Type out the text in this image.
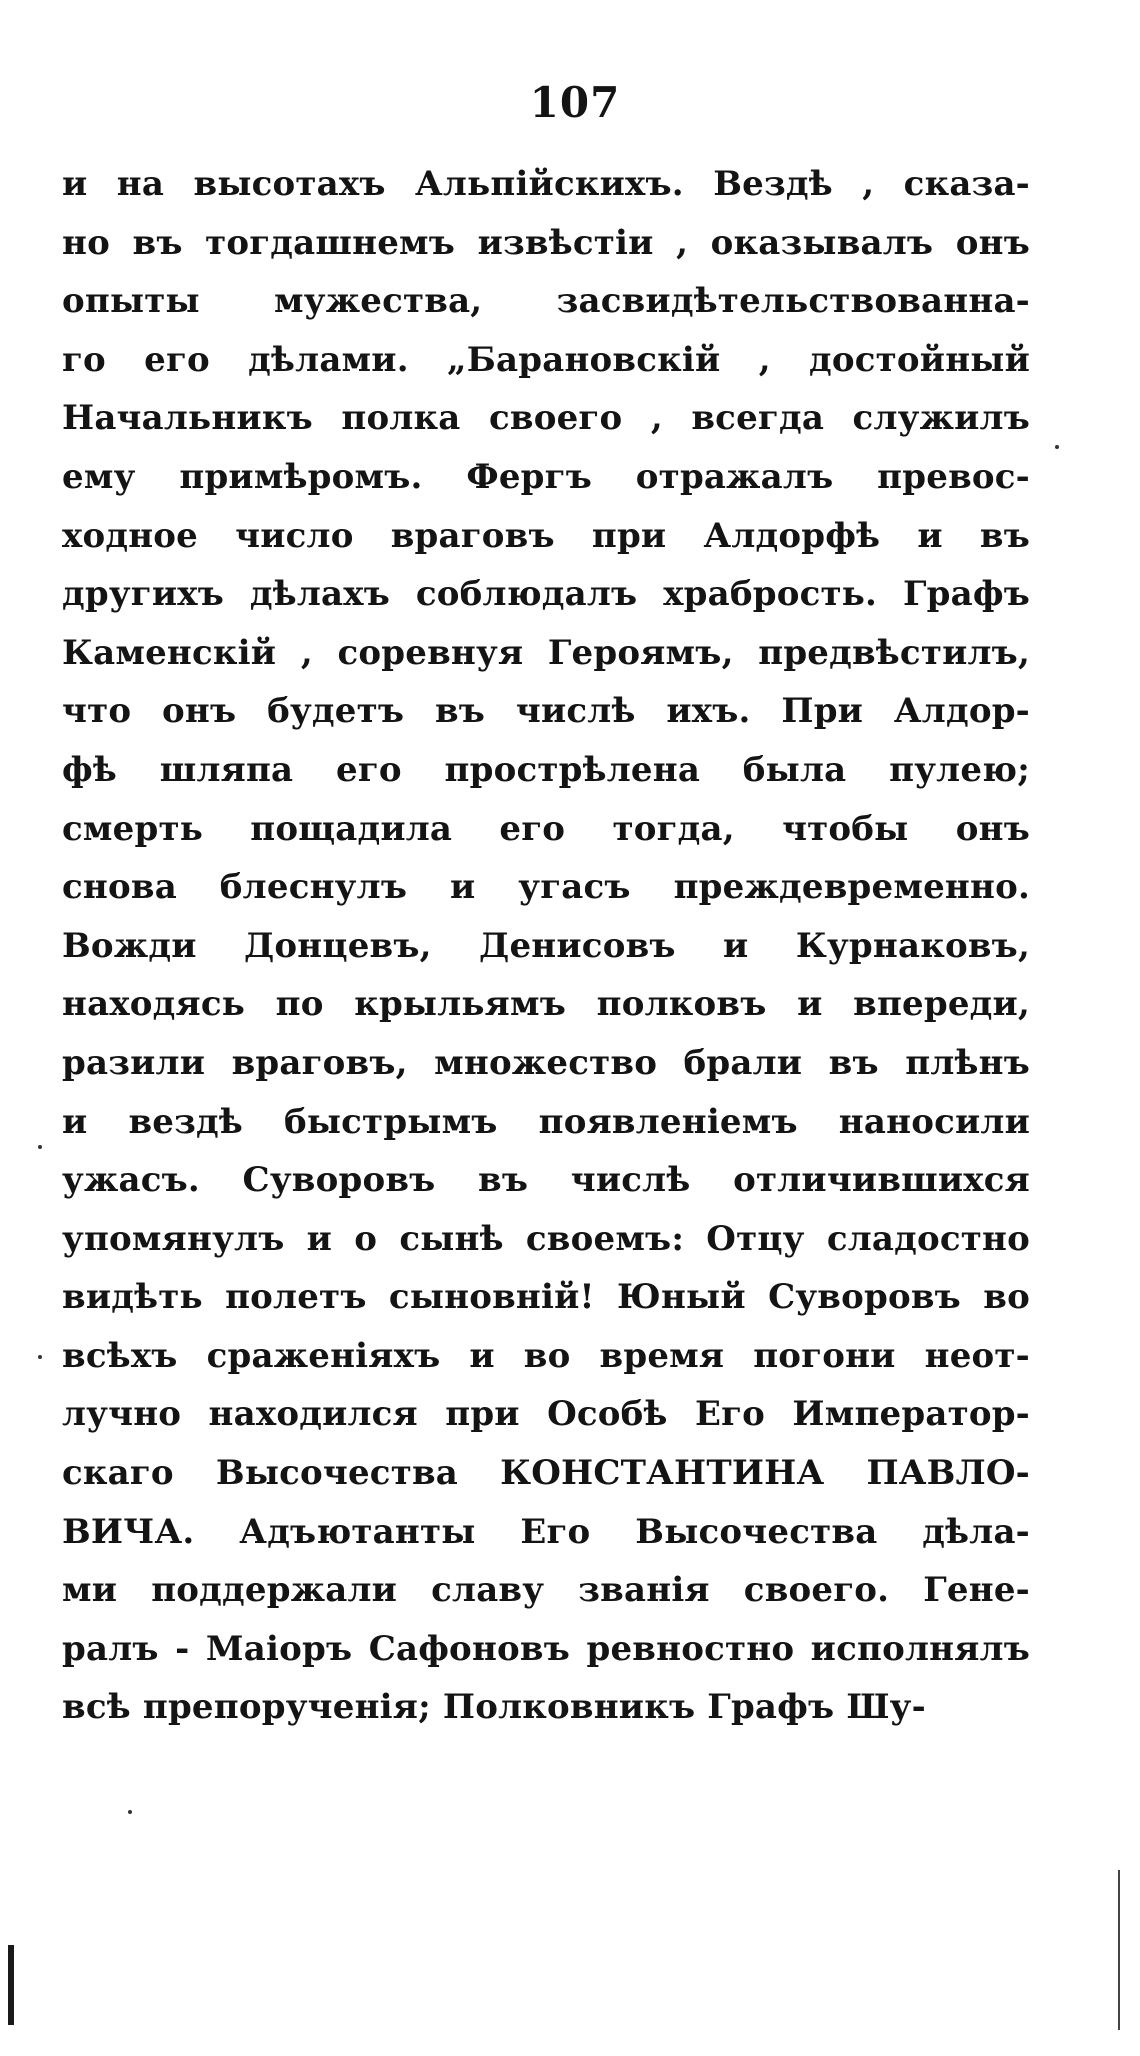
107
и на высотахъ Альпійскихъ. Вездѣ , сказа-
но въ тогдашнемъ извѣстіи , оказывалъ онъ
опыты мужества, засвидѣтельствованна-
го его дѣлами. „Барановскій , достойный
Начальникъ полка своего , всегда служилъ
ему примѣромъ. Фергъ отражалъ превос-
ходное число враговъ при Алдорфѣ и въ
другихъ дѣлахъ соблюдалъ храбрость. Графъ
Каменскій , соревнуя Героямъ, предвѣстилъ,
что онъ будетъ въ числѣ ихъ. При Алдор-
фѣ шляпа его прострѣлена была пулею;
смерть пощадила его тогда, чтобы онъ
снова блеснулъ и угасъ преждевременно.
Вожди Донцевъ, Денисовъ и Курнаковъ,
находясь по крыльямъ полковъ и впереди,
разили враговъ, множество брали въ плѣнъ
и вездѣ быстрымъ появленіемъ наносили
ужасъ. Суворовъ въ числѣ отличившихся
упомянулъ и о сынѣ своемъ: Отцу сладостно
видѣть полетъ сыновній! Юный Суворовъ во
всѣхъ сраженіяхъ и во время погони неот-
лучно находился при Особѣ Его Император-
скаго Высочества КОНСТАНТИНА ПАВЛО-
ВИЧА. Адъютанты Его Высочества дѣла-
ми поддержали славу званія своего. Гене-
ралъ - Маіоръ Сафоновъ ревностно исполнялъ
всѣ препорученія; Полковникъ Графъ Шу-
